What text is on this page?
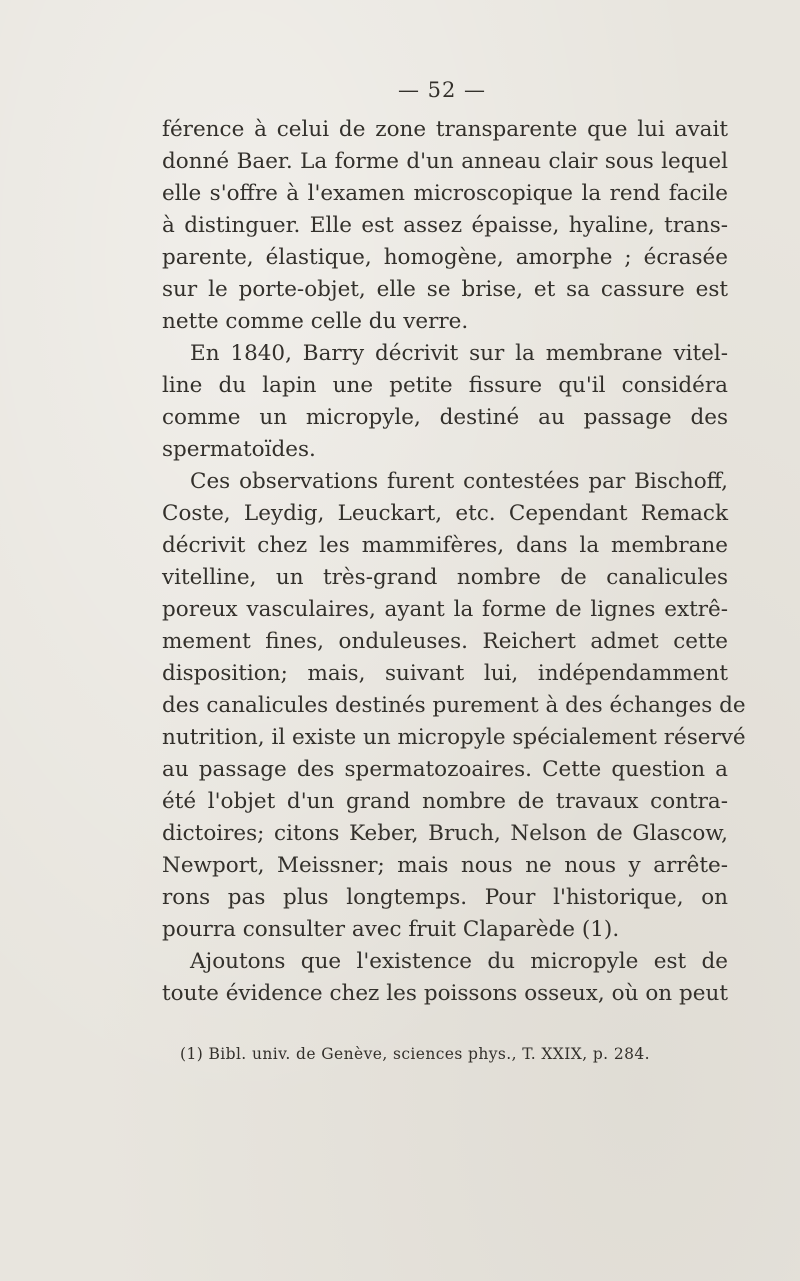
— 52 —
férence à celui de zone transparente que lui avait
donné Baer. La forme d'un anneau clair sous lequel
elle s'offre à l'examen microscopique la rend facile
à distinguer. Elle est assez épaisse, hyaline, trans-
parente, élastique, homogène, amorphe ; écrasée
sur le porte-objet, elle se brise, et sa cassure est
nette comme celle du verre.
En 1840, Barry décrivit sur la membrane vitel-
line du lapin une petite fissure qu'il considéra
comme un micropyle, destiné au passage des
spermatoïdes.
Ces observations furent contestées par Bischoff,
Coste, Leydig, Leuckart, etc. Cependant Remack
décrivit chez les mammifères, dans la membrane
vitelline, un très-grand nombre de canalicules
poreux vasculaires, ayant la forme de lignes extrê-
mement fines, onduleuses. Reichert admet cette
disposition; mais, suivant lui, indépendamment
des canalicules destinés purement à des échanges de
nutrition, il existe un micropyle spécialement réservé
au passage des spermatozoaires. Cette question a
été l'objet d'un grand nombre de travaux contra-
dictoires; citons Keber, Bruch, Nelson de Glascow,
Newport, Meissner; mais nous ne nous y arrête-
rons pas plus longtemps. Pour l'historique, on
pourra consulter avec fruit Claparède (1).
Ajoutons que l'existence du micropyle est de
toute évidence chez les poissons osseux, où on peut
(1) Bibl. univ. de Genève, sciences phys., T. XXIX, p. 284.
